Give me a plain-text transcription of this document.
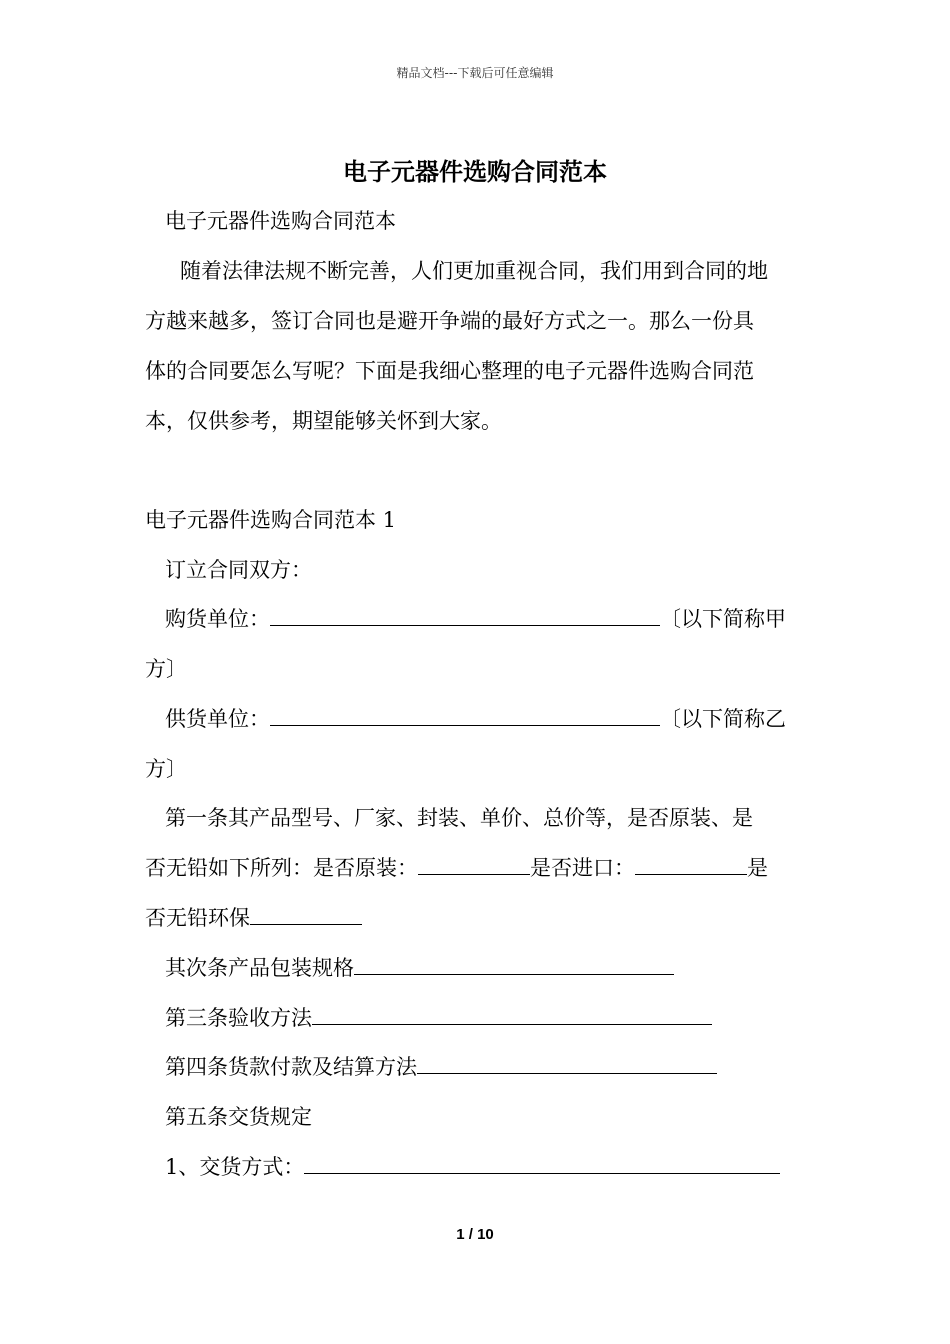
精品文档---下载后可任意编辑
电子元器件选购合同范本
电子元器件选购合同范本
随着法律法规不断完善，人们更加重视合同，我们用到合同的地
方越来越多，签订合同也是避开争端的最好方式之一。那么一份具
体的合同要怎么写呢？下面是我细心整理的电子元器件选购合同范
本，仅供参考，期望能够关怀到大家。
电子元器件选购合同范本 1
订立合同双方：
购货单位：	〔以下简称甲
方〕
供货单位：	〔以下简称乙
方〕
第一条其产品型号、厂家、封装、单价、总价等，是否原装、是
否无铅如下所列：是否原装：	是否进口：	是
否无铅环保
其次条产品包装规格
第三条验收方法
第四条货款付款及结算方法
第五条交货规定
1、交货方式：
1 / 10
